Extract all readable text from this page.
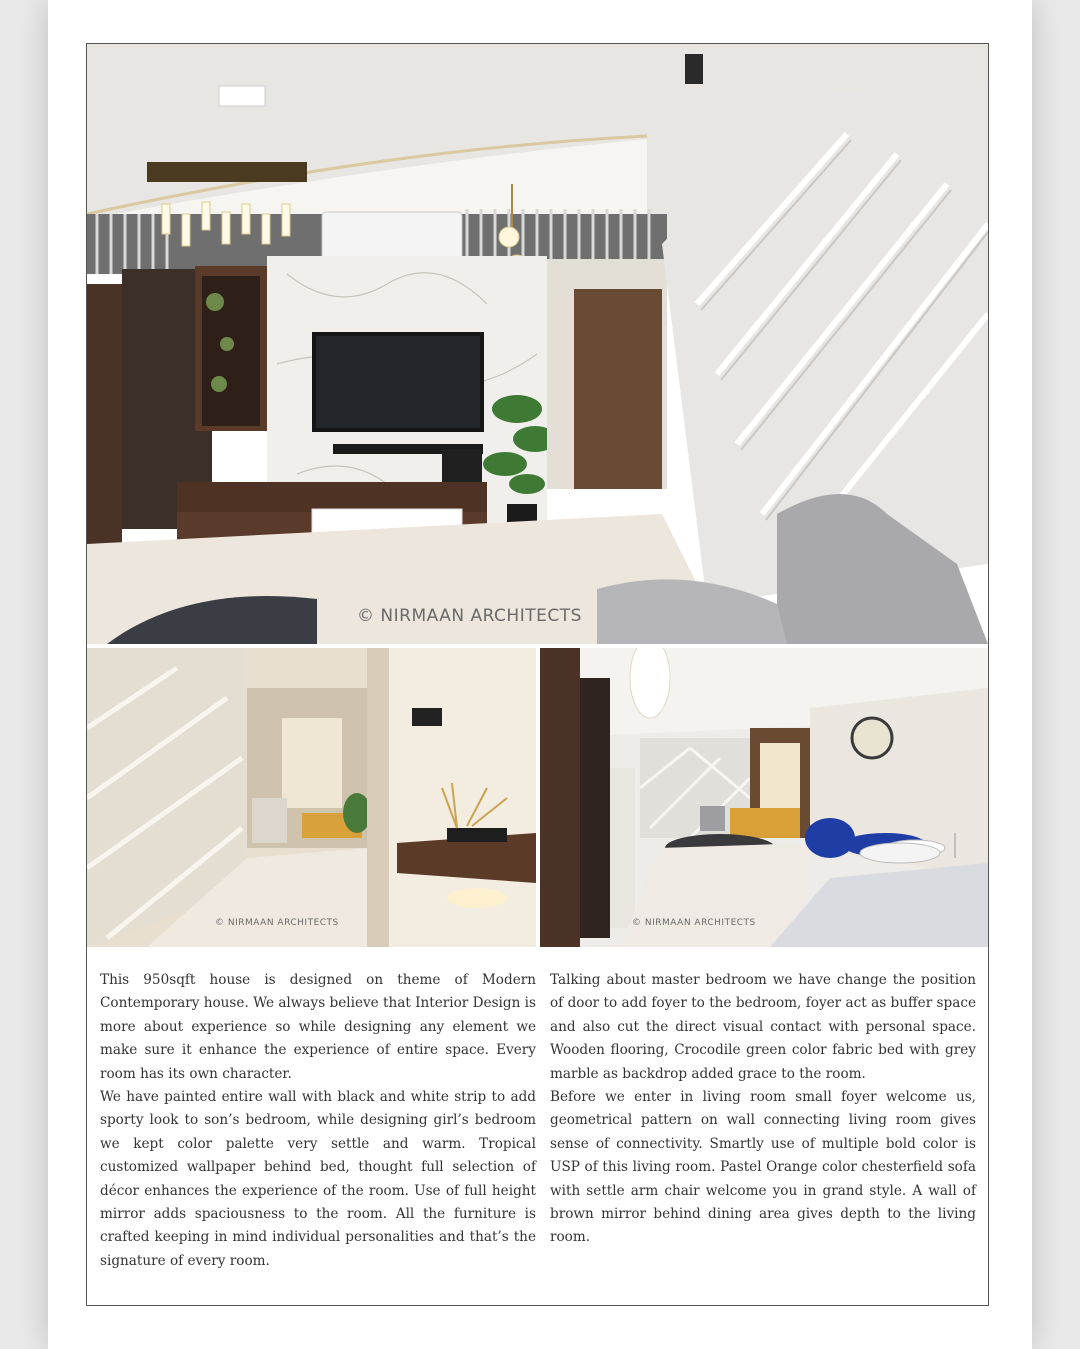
© NIRMAAN ARCHITECTS
© NIRMAAN ARCHITECTS	© NIRMAAN ARCHITECTS

This 950sqft house is designed on theme of Modern Contemporary house. We always believe that Interior Design is more about experience so while designing any element we make sure it enhance the experience of entire space. Every room has its own character.

We have painted entire wall with black and white strip to add sporty look to son’s bedroom, while designing girl’s bedroom we kept color palette very settle and warm. Tropical customized wallpaper behind bed, thought full selection of décor enhances the experience of the room. Use of full height mirror adds spaciousness to the room. All the furniture is crafted keeping in mind individual personalities and that’s the signature of every room.

Talking about master bedroom we have change the position of door to add foyer to the bedroom, foyer act as buffer space and also cut the direct visual contact with personal space. Wooden flooring, Crocodile green color fabric bed with grey marble as backdrop added grace to the room.

Before we enter in living room small foyer welcome us, geometrical pattern on wall connecting living room gives sense of connectivity. Smartly use of multiple bold color is USP of this living room. Pastel Orange color chesterfield sofa with settle arm chair welcome you in grand style. A wall of brown mirror behind dining area gives depth to the living room.
